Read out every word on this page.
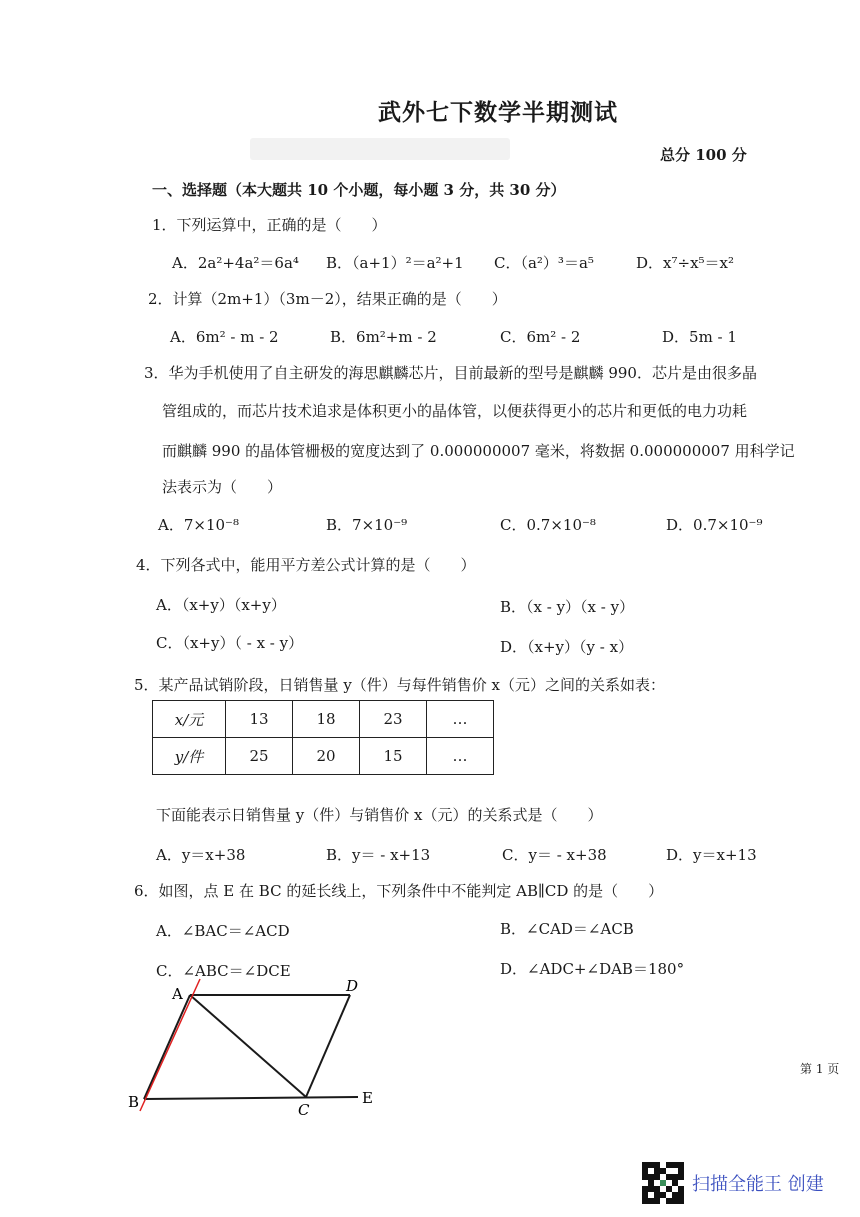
武外七下数学半期测试
总分 100 分
一、选择题（本大题共 10 个小题，每小题 3 分，共 30 分）
1．下列运算中，正确的是（　　）
A．2a²+4a²＝6a⁴ B．（a+1）²＝a²+1 C．（a²）³＝a⁵	D．x⁷÷x⁵＝x²
2．计算（2m+1）（3m－2），结果正确的是（　　）
A．6m² - m - 2	B．6m²+m - 2	C．6m² - 2	D．5m - 1
3．华为手机使用了自主研发的海思麒麟芯片，目前最新的型号是麒麟 990．芯片是由很多晶
管组成的，而芯片技术追求是体积更小的晶体管，以便获得更小的芯片和更低的电力功耗
而麒麟 990 的晶体管栅极的宽度达到了 0.000000007 毫米，将数据 0.000000007 用科学记
法表示为（　　）
A．7×10⁻⁸	B．7×10⁻⁹	C．0.7×10⁻⁸	D．0.7×10⁻⁹
4．下列各式中，能用平方差公式计算的是（　　）
A．（x+y）（x+y）	B．（x - y）（x - y）
C．（x+y）（ - x - y）	D．（x+y）（y - x）
5．某产品试销阶段，日销售量 y（件）与每件销售价 x（元）之间的关系如表：
x/元	13	18	23	…
y/件	25	20	15	…
下面能表示日销售量 y（件）与销售价 x（元）的关系式是（　　）
A．y＝x+38	B．y＝ - x+13	C．y＝ - x+38	D．y＝x+13
6．如图，点 E 在 BC 的延长线上，下列条件中不能判定 AB∥CD 的是（　　）
A．∠BAC＝∠ACD	B．∠CAD＝∠ACB
C．∠ABC＝∠DCE	D．∠ADC+∠DAB＝180°
A	D
B	C
E
第 1 页
扫描全能王 创建
